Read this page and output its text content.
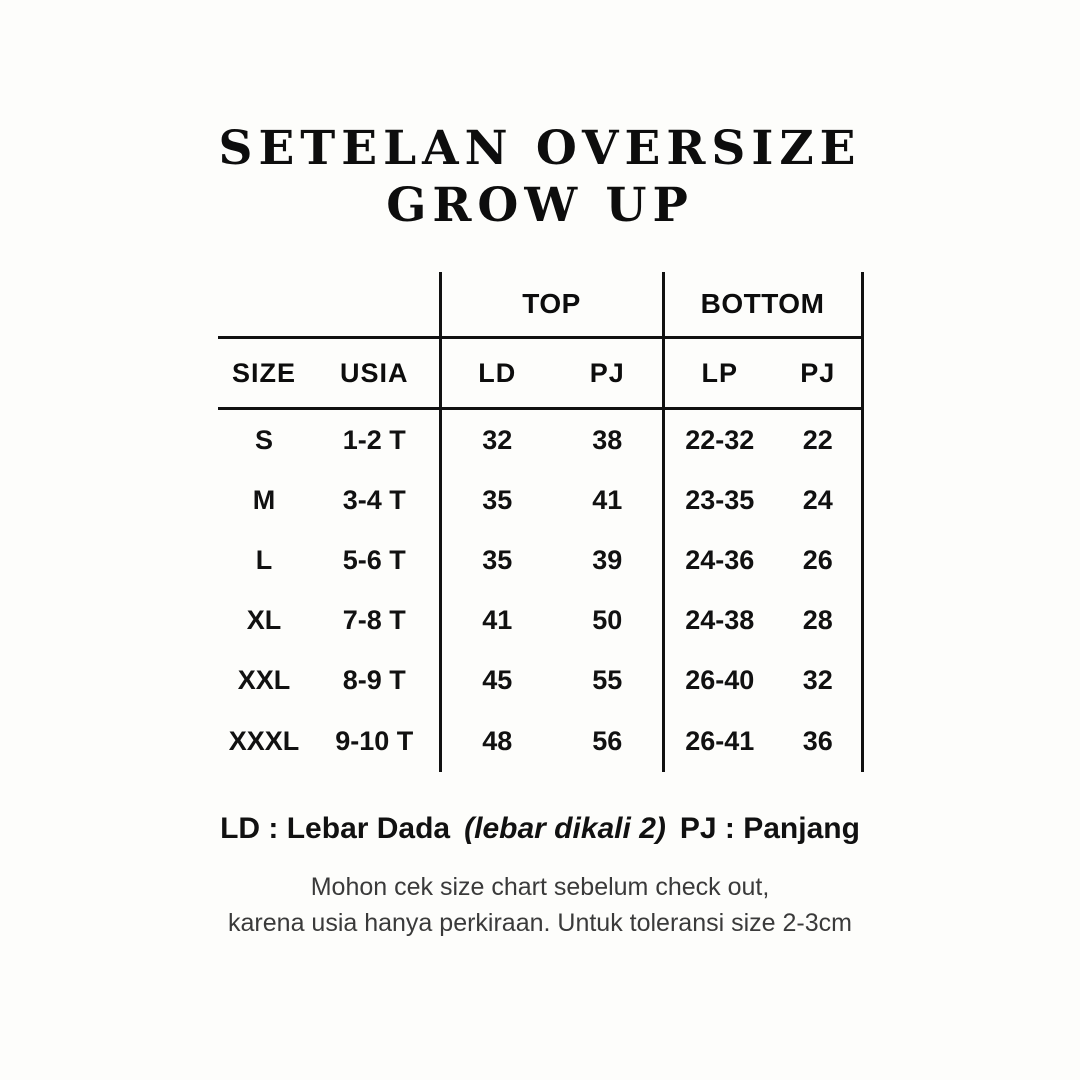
SETELAN OVERSIZE
GROW UP
		TOP		BOTTOM	
SIZE	USIA	LD	PJ	LP	PJ
S	1-2 T	32	38	22-32	22
M	3-4 T	35	41	23-35	24
L	5-6 T	35	39	24-36	26
XL	7-8 T	41	50	24-38	28
XXL	8-9 T	45	55	26-40	32
XXXL	9-10 T	48	56	26-41	36
LD : Lebar Dada (lebar dikali 2) PJ : Panjang
Mohon cek size chart sebelum check out,
karena usia hanya perkiraan. Untuk toleransi size 2-3cm
